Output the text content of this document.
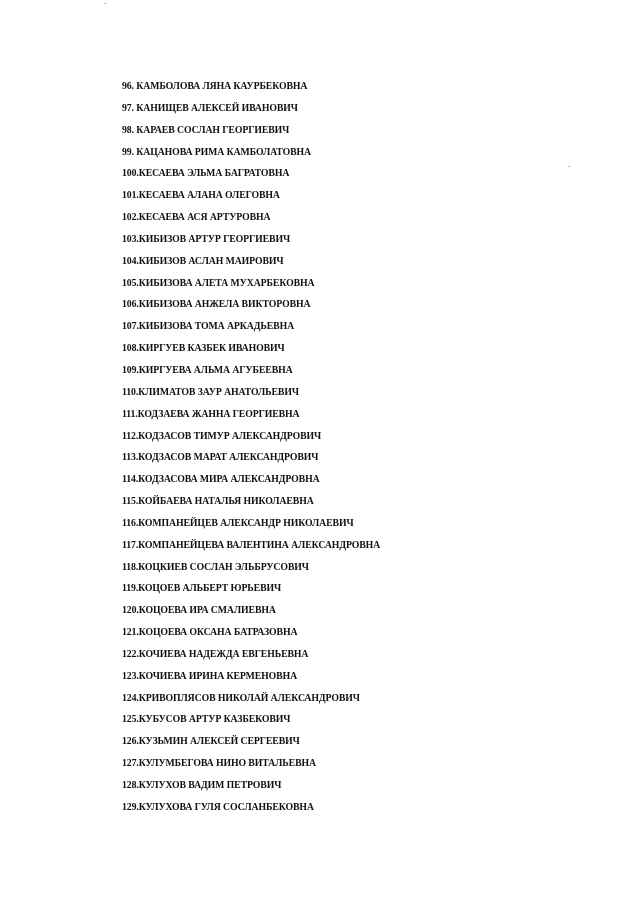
96. КАМБОЛОВА ЛЯНА КАУРБЕКОВНА
97. КАНИЩЕВ АЛЕКСЕЙ ИВАНОВИЧ
98. КАРАЕВ СОСЛАН ГЕОРГИЕВИЧ
99. КАЦАНОВА РИМА КАМБОЛАТОВНА
100.КЕСАЕВА ЭЛЬМА БАГРАТОВНА
101.КЕСАЕВА АЛАНА ОЛЕГОВНА
102.КЕСАЕВА АСЯ АРТУРОВНА
103.КИБИЗОВ АРТУР ГЕОРГИЕВИЧ
104.КИБИЗОВ АСЛАН МАИРОВИЧ
105.КИБИЗОВА АЛЕТА МУХАРБЕКОВНА
106.КИБИЗОВА АНЖЕЛА ВИКТОРОВНА
107.КИБИЗОВА ТОМА АРКАДЬЕВНА
108.КИРГУЕВ КАЗБЕК ИВАНОВИЧ
109.КИРГУЕВА АЛЬМА АГУБЕЕВНА
110.КЛИМАТОВ ЗАУР АНАТОЛЬЕВИЧ
111.КОДЗАЕВА ЖАННА ГЕОРГИЕВНА
112.КОДЗАСОВ ТИМУР АЛЕКСАНДРОВИЧ
113.КОДЗАСОВ МАРАТ АЛЕКСАНДРОВИЧ
114.КОДЗАСОВА МИРА АЛЕКСАНДРОВНА
115.КОЙБАЕВА НАТАЛЬЯ НИКОЛАЕВНА
116.КОМПАНЕЙЦЕВ АЛЕКСАНДР НИКОЛАЕВИЧ
117.КОМПАНЕЙЦЕВА ВАЛЕНТИНА АЛЕКСАНДРОВНА
118.КОЦКИЕВ СОСЛАН ЭЛЬБРУСОВИЧ
119.КОЦОЕВ АЛЬБЕРТ ЮРЬЕВИЧ
120.КОЦОЕВА ИРА СМАЛИЕВНА
121.КОЦОЕВА ОКСАНА БАТРАЗОВНА
122.КОЧИЕВА НАДЕЖДА ЕВГЕНЬЕВНА
123.КОЧИЕВА ИРИНА КЕРМЕНОВНА
124.КРИВОПЛЯСОВ НИКОЛАЙ АЛЕКСАНДРОВИЧ
125.КУБУСОВ АРТУР КАЗБЕКОВИЧ
126.КУЗЬМИН АЛЕКСЕЙ СЕРГЕЕВИЧ
127.КУЛУМБЕГОВА НИНО ВИТАЛЬЕВНА
128.КУЛУХОВ ВАДИМ ПЕТРОВИЧ
129.КУЛУХОВА ГУЛЯ СОСЛАНБЕКОВНА
